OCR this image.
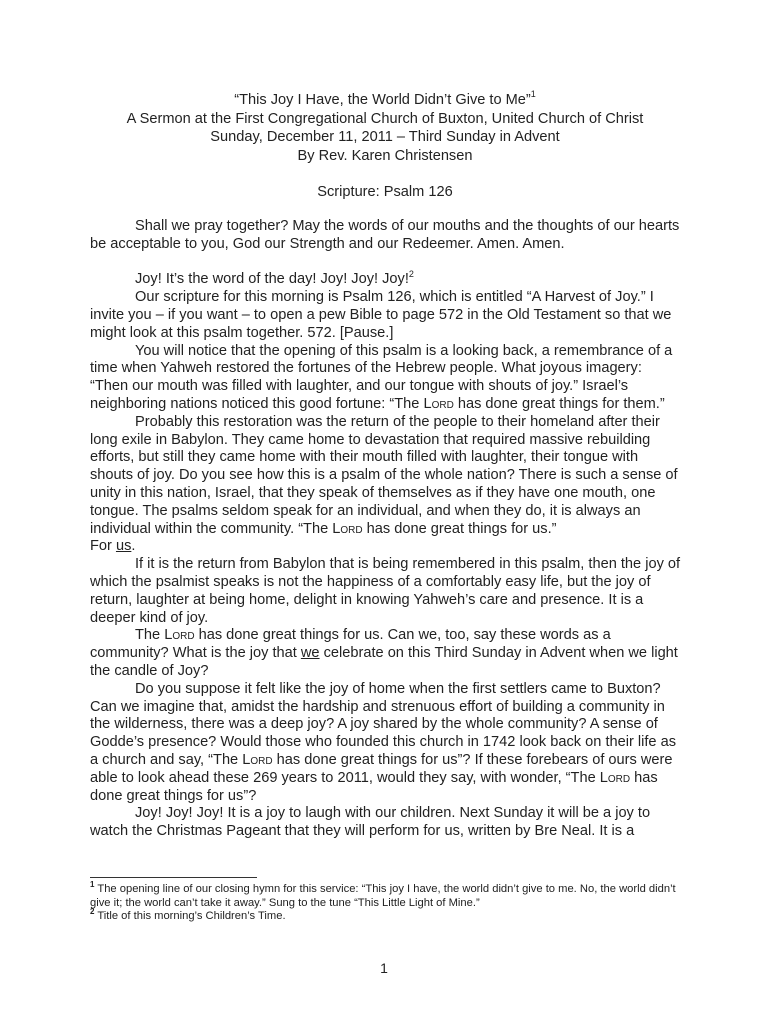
“This Joy I Have, the World Didn’t Give to Me”$^1$
A Sermon at the First Congregational Church of Buxton, United Church of Christ
Sunday, December 11, 2011 – Third Sunday in Advent
By Rev. Karen Christensen
Scripture: Psalm 126

Shall we pray together? May the words of our mouths and the thoughts of our hearts be acceptable to you, God our Strength and our Redeemer. Amen. Amen.

Joy! It’s the word of the day! Joy! Joy! Joy!$^2$

Our scripture for this morning is Psalm 126, which is entitled “A Harvest of Joy.” I invite you – if you want – to open a pew Bible to page 572 in the Old Testament so that we might look at this psalm together. 572. [Pause.]

You will notice that the opening of this psalm is a looking back, a remembrance of a time when Yahweh restored the fortunes of the Hebrew people. What joyous imagery: “Then our mouth was filled with laughter, and our tongue with shouts of joy.” Israel’s neighboring nations noticed this good fortune: “The Lord has done great things for them.”

Probably this restoration was the return of the people to their homeland after their long exile in Babylon. They came home to devastation that required massive rebuilding efforts, but still they came home with their mouth filled with laughter, their tongue with shouts of joy. Do you see how this is a psalm of the whole nation? There is such a sense of unity in this nation, Israel, that they speak of themselves as if they have one mouth, one tongue. The psalms seldom speak for an individual, and when they do, it is always an individual within the community. “The Lord has done great things for us.”

For us.

If it is the return from Babylon that is being remembered in this psalm, then the joy of which the psalmist speaks is not the happiness of a comfortably easy life, but the joy of return, laughter at being home, delight in knowing Yahweh’s care and presence. It is a deeper kind of joy.

The Lord has done great things for us. Can we, too, say these words as a community? What is the joy that we celebrate on this Third Sunday in Advent when we light the candle of Joy?

Do you suppose it felt like the joy of home when the first settlers came to Buxton? Can we imagine that, amidst the hardship and strenuous effort of building a community in the wilderness, there was a deep joy? A joy shared by the whole community? A sense of Godde’s presence? Would those who founded this church in 1742 look back on their life as a church and say, “The Lord has done great things for us”? If these forebears of ours were able to look ahead these 269 years to 2011, would they say, with wonder, “The Lord has done great things for us”?

Joy! Joy! Joy! It is a joy to laugh with our children. Next Sunday it will be a joy to watch the Christmas Pageant that they will perform for us, written by Bre Neal. It is a

$^1$ The opening line of our closing hymn for this service: “This joy I have, the world didn’t give to me. No, the world didn’t give it; the world can’t take it away.” Sung to the tune “This Little Light of Mine.”

$^2$ Title of this morning’s Children’s Time.

1
